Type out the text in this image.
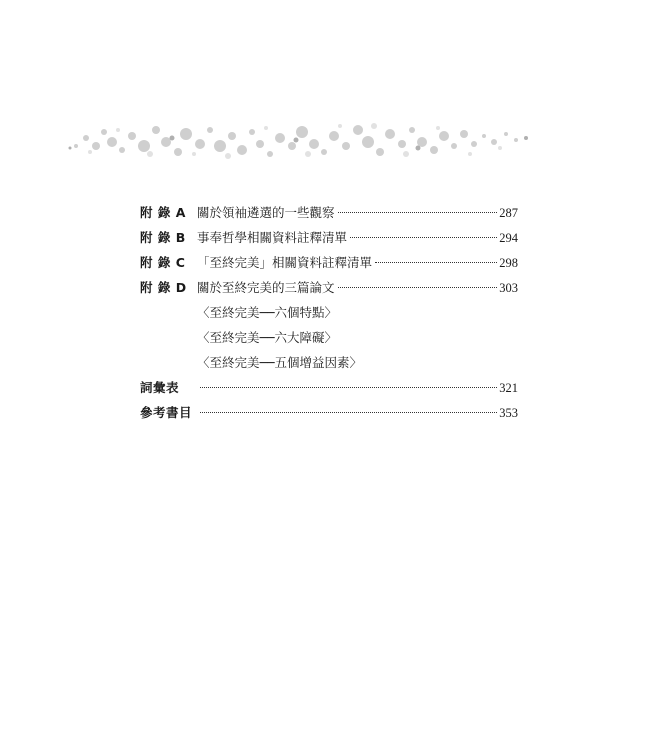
附 錄 A 關於領袖遴選的一些觀察	287
附 錄 B 事奉哲學相關資料註釋清單	294
附 錄 C 「至終完美」相關資料註釋清單	298
附 錄 D 關於至終完美的三篇論文	303
〈至終完美──六個特點〉
〈至終完美──六大障礙〉
〈至終完美──五個增益因素〉
詞彙表	321
參考書目	353
